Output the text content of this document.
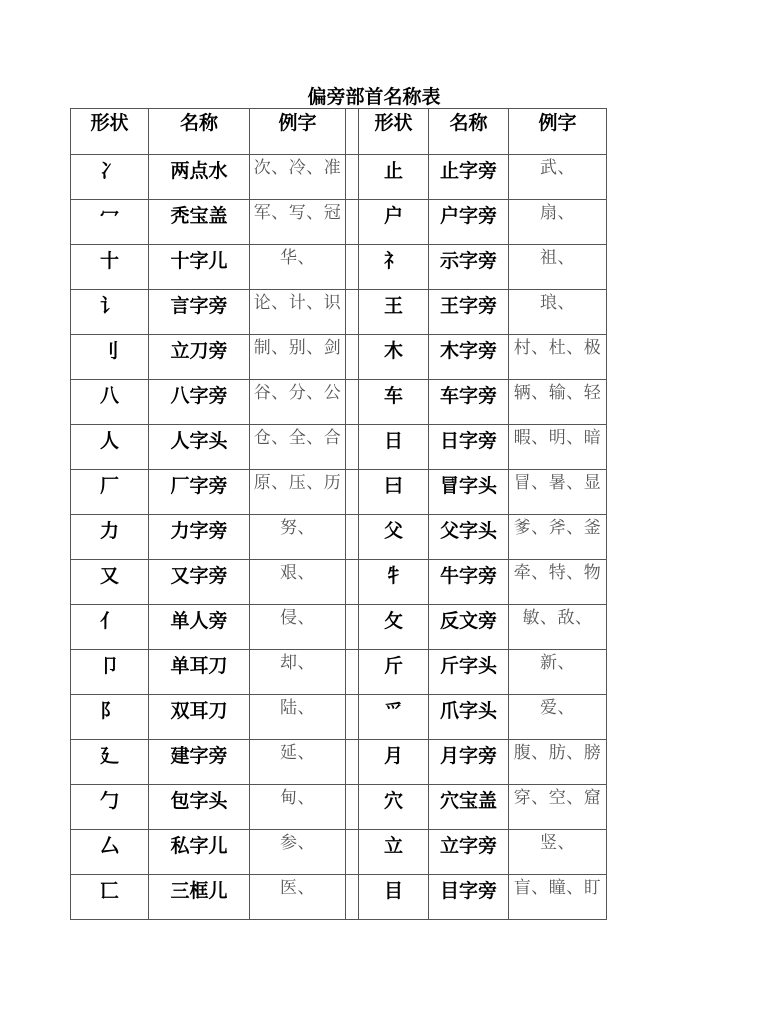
偏旁部首名称表
形状	名称	例字		形状	名称	例字
冫	两点水	次、冷、准		止	止字旁	武、
冖	秃宝盖	军、写、冠		户	户字旁	扇、
十	十字儿	华、		礻	示字旁	祖、
讠	言字旁	论、计、识		王	王字旁	琅、
刂	立刀旁	制、别、剑		木	木字旁	村、杜、极
八	八字旁	谷、分、公		车	车字旁	辆、输、轻
人	人字头	仓、全、合		日	日字旁	暇、明、暗
厂	厂字旁	原、压、历		曰	冒字头	冒、暑、显
力	力字旁	努、		父	父字头	爹、斧、釜
又	又字旁	艰、		牜	牛字旁	牵、特、物
亻	单人旁	侵、		攵	反文旁	敏、敌、
卩	单耳刀	却、		斤	斤字头	新、
阝	双耳刀	陆、		爫	爪字头	爱、
廴	建字旁	延、		月	月字旁	腹、肪、膀
勹	包字头	甸、		穴	穴宝盖	穿、空、窟
厶	私字儿	参、		立	立字旁	竖、
匸	三框儿	医、		目	目字旁	盲、瞳、盯
